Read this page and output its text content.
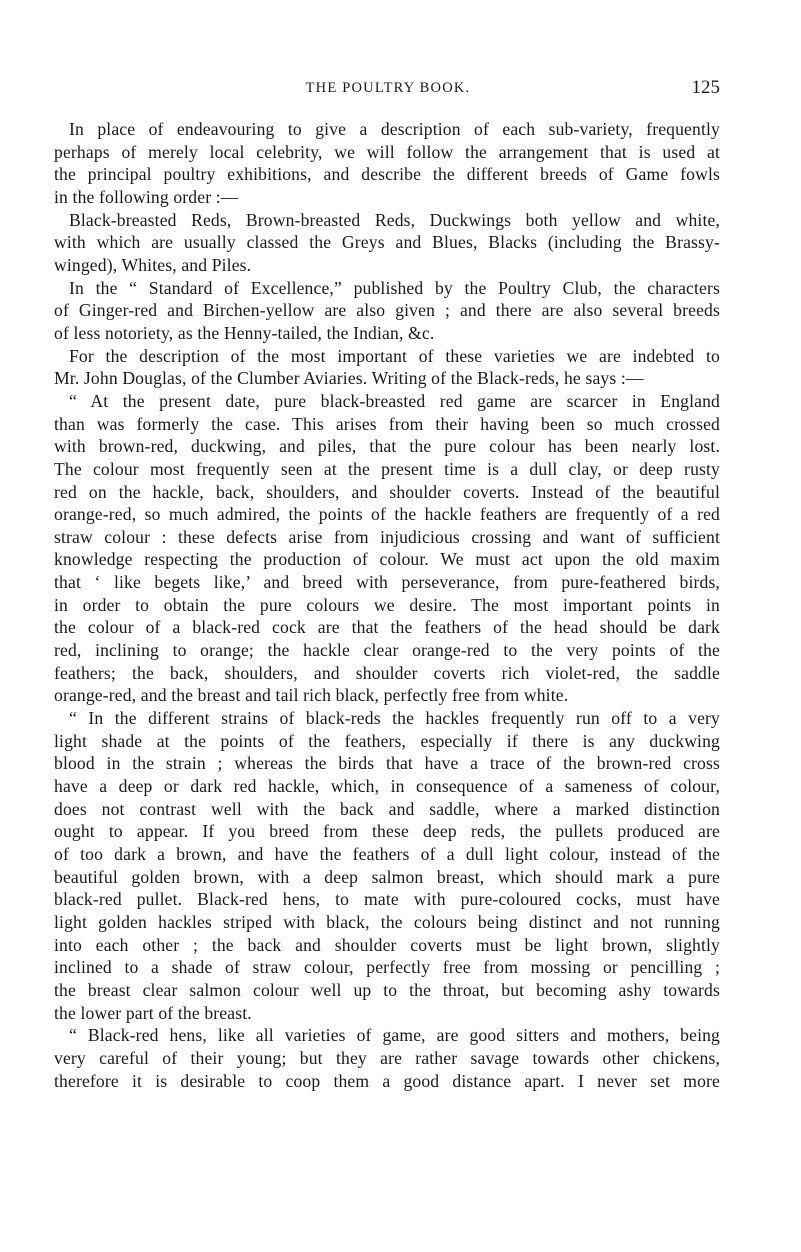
THE POULTRY BOOK.	125

In place of endeavouring to give a description of each sub-variety, frequently
perhaps of merely local celebrity, we will follow the arrangement that is used at
the principal poultry exhibitions, and describe the different breeds of Game fowls
in the following order :—

Black-breasted Reds, Brown-breasted Reds, Duckwings both yellow and white,
with which are usually classed the Greys and Blues, Blacks (including the Brassy-
winged), Whites, and Piles.

In the “ Standard of Excellence,” published by the Poultry Club, the characters
of Ginger-red and Birchen-yellow are also given ; and there are also several breeds
of less notoriety, as the Henny-tailed, the Indian, &c.

For the description of the most important of these varieties we are indebted to
Mr. John Douglas, of the Clumber Aviaries. Writing of the Black-reds, he says :—

“ At the present date, pure black-breasted red game are scarcer in England
than was formerly the case. This arises from their having been so much crossed
with brown-red, duckwing, and piles, that the pure colour has been nearly lost.
The colour most frequently seen at the present time is a dull clay, or deep rusty
red on the hackle, back, shoulders, and shoulder coverts. Instead of the beautiful
orange-red, so much admired, the points of the hackle feathers are frequently of a red
straw colour : these defects arise from injudicious crossing and want of sufficient
knowledge respecting the production of colour. We must act upon the old maxim
that ‘ like begets like,’ and breed with perseverance, from pure-feathered birds,
in order to obtain the pure colours we desire. The most important points in
the colour of a black-red cock are that the feathers of the head should be dark
red, inclining to orange; the hackle clear orange-red to the very points of the
feathers; the back, shoulders, and shoulder coverts rich violet-red, the saddle
orange-red, and the breast and tail rich black, perfectly free from white.

“ In the different strains of black-reds the hackles frequently run off to a very
light shade at the points of the feathers, especially if there is any duckwing
blood in the strain ; whereas the birds that have a trace of the brown-red cross
have a deep or dark red hackle, which, in consequence of a sameness of colour,
does not contrast well with the back and saddle, where a marked distinction
ought to appear. If you breed from these deep reds, the pullets produced are
of too dark a brown, and have the feathers of a dull light colour, instead of the
beautiful golden brown, with a deep salmon breast, which should mark a pure
black-red pullet. Black-red hens, to mate with pure-coloured cocks, must have
light golden hackles striped with black, the colours being distinct and not running
into each other ; the back and shoulder coverts must be light brown, slightly
inclined to a shade of straw colour, perfectly free from mossing or pencilling ;
the breast clear salmon colour well up to the throat, but becoming ashy towards
the lower part of the breast.

“ Black-red hens, like all varieties of game, are good sitters and mothers, being
very careful of their young; but they are rather savage towards other chickens,
therefore it is desirable to coop them a good distance apart. I never set more
